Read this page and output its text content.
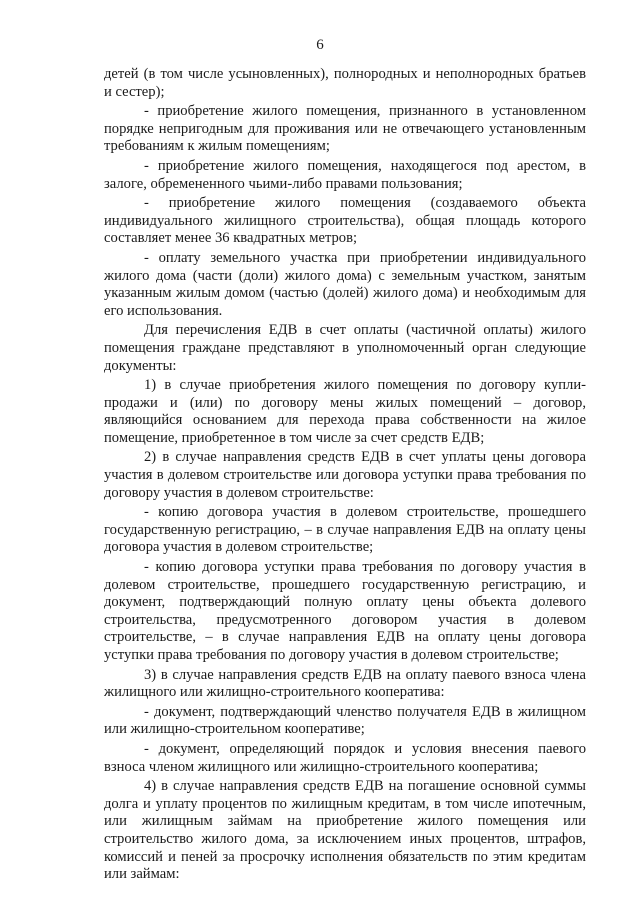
6

детей (в том числе усыновленных), полнородных и неполнородных братьев и сестер);

- приобретение жилого помещения, признанного в установленном порядке непригодным для проживания или не отвечающего установленным требованиям к жилым помещениям;

- приобретение жилого помещения, находящегося под арестом, в залоге, обремененного чьими-либо правами пользования;

- приобретение жилого помещения (создаваемого объекта индивидуального жилищного строительства), общая площадь которого составляет менее 36 квадратных метров;

- оплату земельного участка при приобретении индивидуального жилого дома (части (доли) жилого дома) с земельным участком, занятым указанным жилым домом (частью (долей) жилого дома) и необходимым для его использования.

Для перечисления ЕДВ в счет оплаты (частичной оплаты) жилого помещения граждане представляют в уполномоченный орган следующие документы:

1) в случае приобретения жилого помещения по договору купли-продажи и (или) по договору мены жилых помещений – договор, являющийся основанием для перехода права собственности на жилое помещение, приобретенное в том числе за счет средств ЕДВ;

2) в случае направления средств ЕДВ в счет уплаты цены договора участия в долевом строительстве или договора уступки права требования по договору участия в долевом строительстве:

- копию договора участия в долевом строительстве, прошедшего государственную регистрацию, – в случае направления ЕДВ на оплату цены договора участия в долевом строительстве;

- копию договора уступки права требования по договору участия в долевом строительстве, прошедшего государственную регистрацию, и документ, подтверждающий полную оплату цены объекта долевого строительства, предусмотренного договором участия в долевом строительстве, – в случае направления ЕДВ на оплату цены договора уступки права требования по договору участия в долевом строительстве;

3) в случае направления средств ЕДВ на оплату паевого взноса члена жилищного или жилищно-строительного кооператива:

- документ, подтверждающий членство получателя ЕДВ в жилищном или жилищно-строительном кооперативе;

- документ, определяющий порядок и условия внесения паевого взноса членом жилищного или жилищно-строительного кооператива;

4) в случае направления средств ЕДВ на погашение основной суммы долга и уплату процентов по жилищным кредитам, в том числе ипотечным, или жилищным займам на приобретение жилого помещения или строительство жилого дома, за исключением иных процентов, штрафов, комиссий и пеней за просрочку исполнения обязательств по этим кредитам или займам:
